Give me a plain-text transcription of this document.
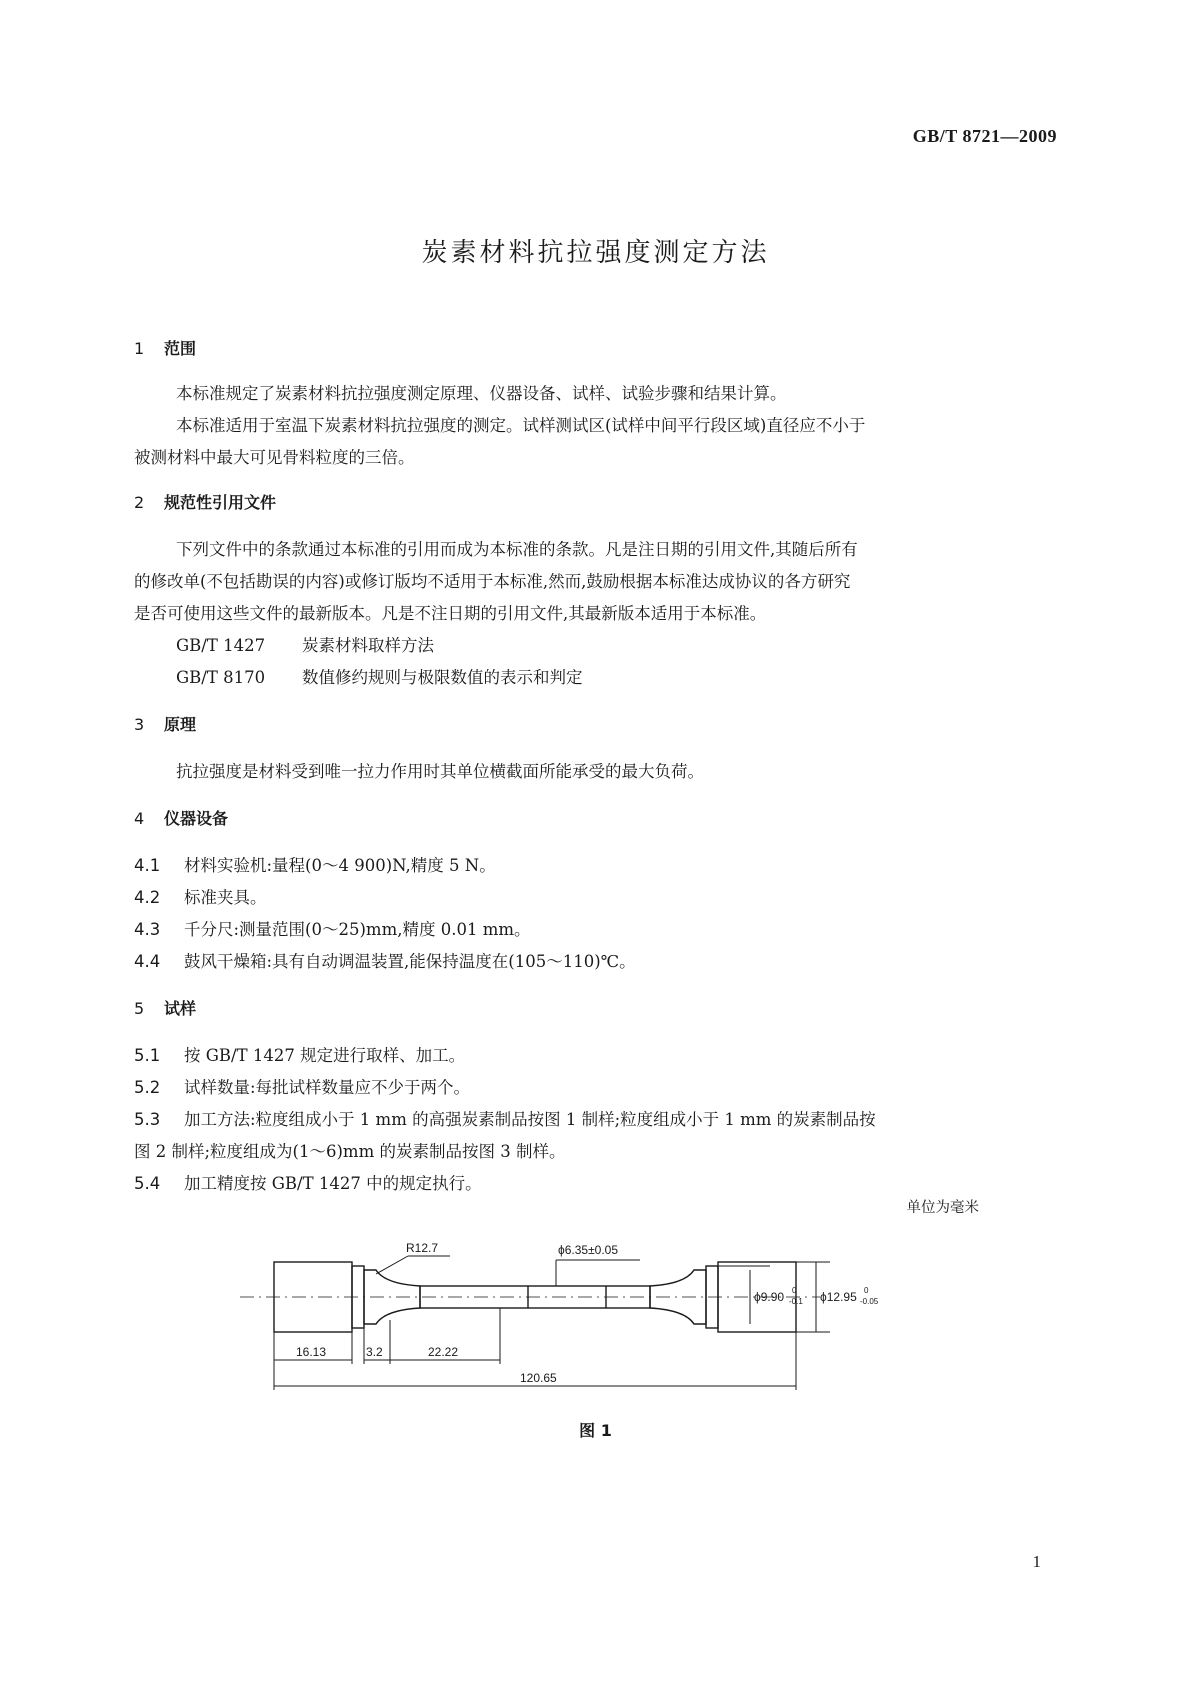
GB/T 8721—2009
炭素材料抗拉强度测定方法
1 范围
本标准规定了炭素材料抗拉强度测定原理、仪器设备、试样、试验步骤和结果计算。
本标准适用于室温下炭素材料抗拉强度的测定。试样测试区(试样中间平行段区域)直径应不小于
被测材料中最大可见骨料粒度的三倍。
2 规范性引用文件
下列文件中的条款通过本标准的引用而成为本标准的条款。凡是注日期的引用文件,其随后所有
的修改单(不包括勘误的内容)或修订版均不适用于本标准,然而,鼓励根据本标准达成协议的各方研究
是否可使用这些文件的最新版本。凡是不注日期的引用文件,其最新版本适用于本标准。
GB/T 1427 炭素材料取样方法
GB/T 8170 数值修约规则与极限数值的表示和判定
3 原理
抗拉强度是材料受到唯一拉力作用时其单位横截面所能承受的最大负荷。
4 仪器设备
4.1 材料实验机:量程(0～4 900)N,精度 5 N。
4.2 标准夹具。
4.3 千分尺:测量范围(0～25)mm,精度 0.01 mm。
4.4 鼓风干燥箱:具有自动调温装置,能保持温度在(105～110)℃。
5 试样
5.1 按 GB/T 1427 规定进行取样、加工。
5.2 试样数量:每批试样数量应不少于两个。
5.3 加工方法:粒度组成小于 1 mm 的高强炭素制品按图 1 制样;粒度组成小于 1 mm 的炭素制品按
图 2 制样;粒度组成为(1～6)mm 的炭素制品按图 3 制样。
5.4 加工精度按 GB/T 1427 中的规定执行。
单位为毫米
R12.7	ϕ6.35±0.05
ϕ9.90 0
-0.1 ϕ12.95 0
-0.05
16.13	3.2	22.22
120.65
图 1
1
